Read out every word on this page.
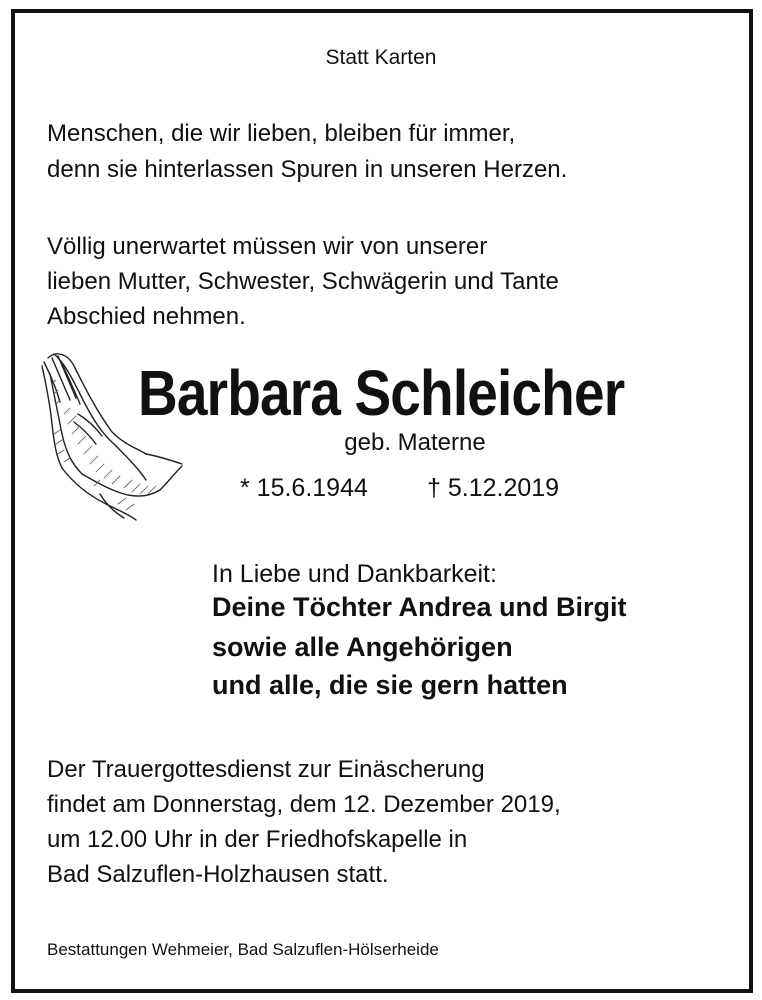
Statt Karten

Menschen, die wir lieben, bleiben für immer,

denn sie hinterlassen Spuren in unseren Herzen.

Völlig unerwartet müssen wir von unserer

lieben Mutter, Schwester, Schwägerin und Tante

Abschied nehmen.

Barbara Schleicher

geb. Materne

* 15.6.1944 † 5.12.2019

In Liebe und Dankbarkeit:

Deine Töchter Andrea und Birgit

sowie alle Angehörigen

und alle, die sie gern hatten

Der Trauergottesdienst zur Einäscherung

findet am Donnerstag, dem 12. Dezember 2019,

um 12.00 Uhr in der Friedhofskapelle in

Bad Salzuflen-Holzhausen statt.

Bestattungen Wehmeier, Bad Salzuflen-Hölserheide
